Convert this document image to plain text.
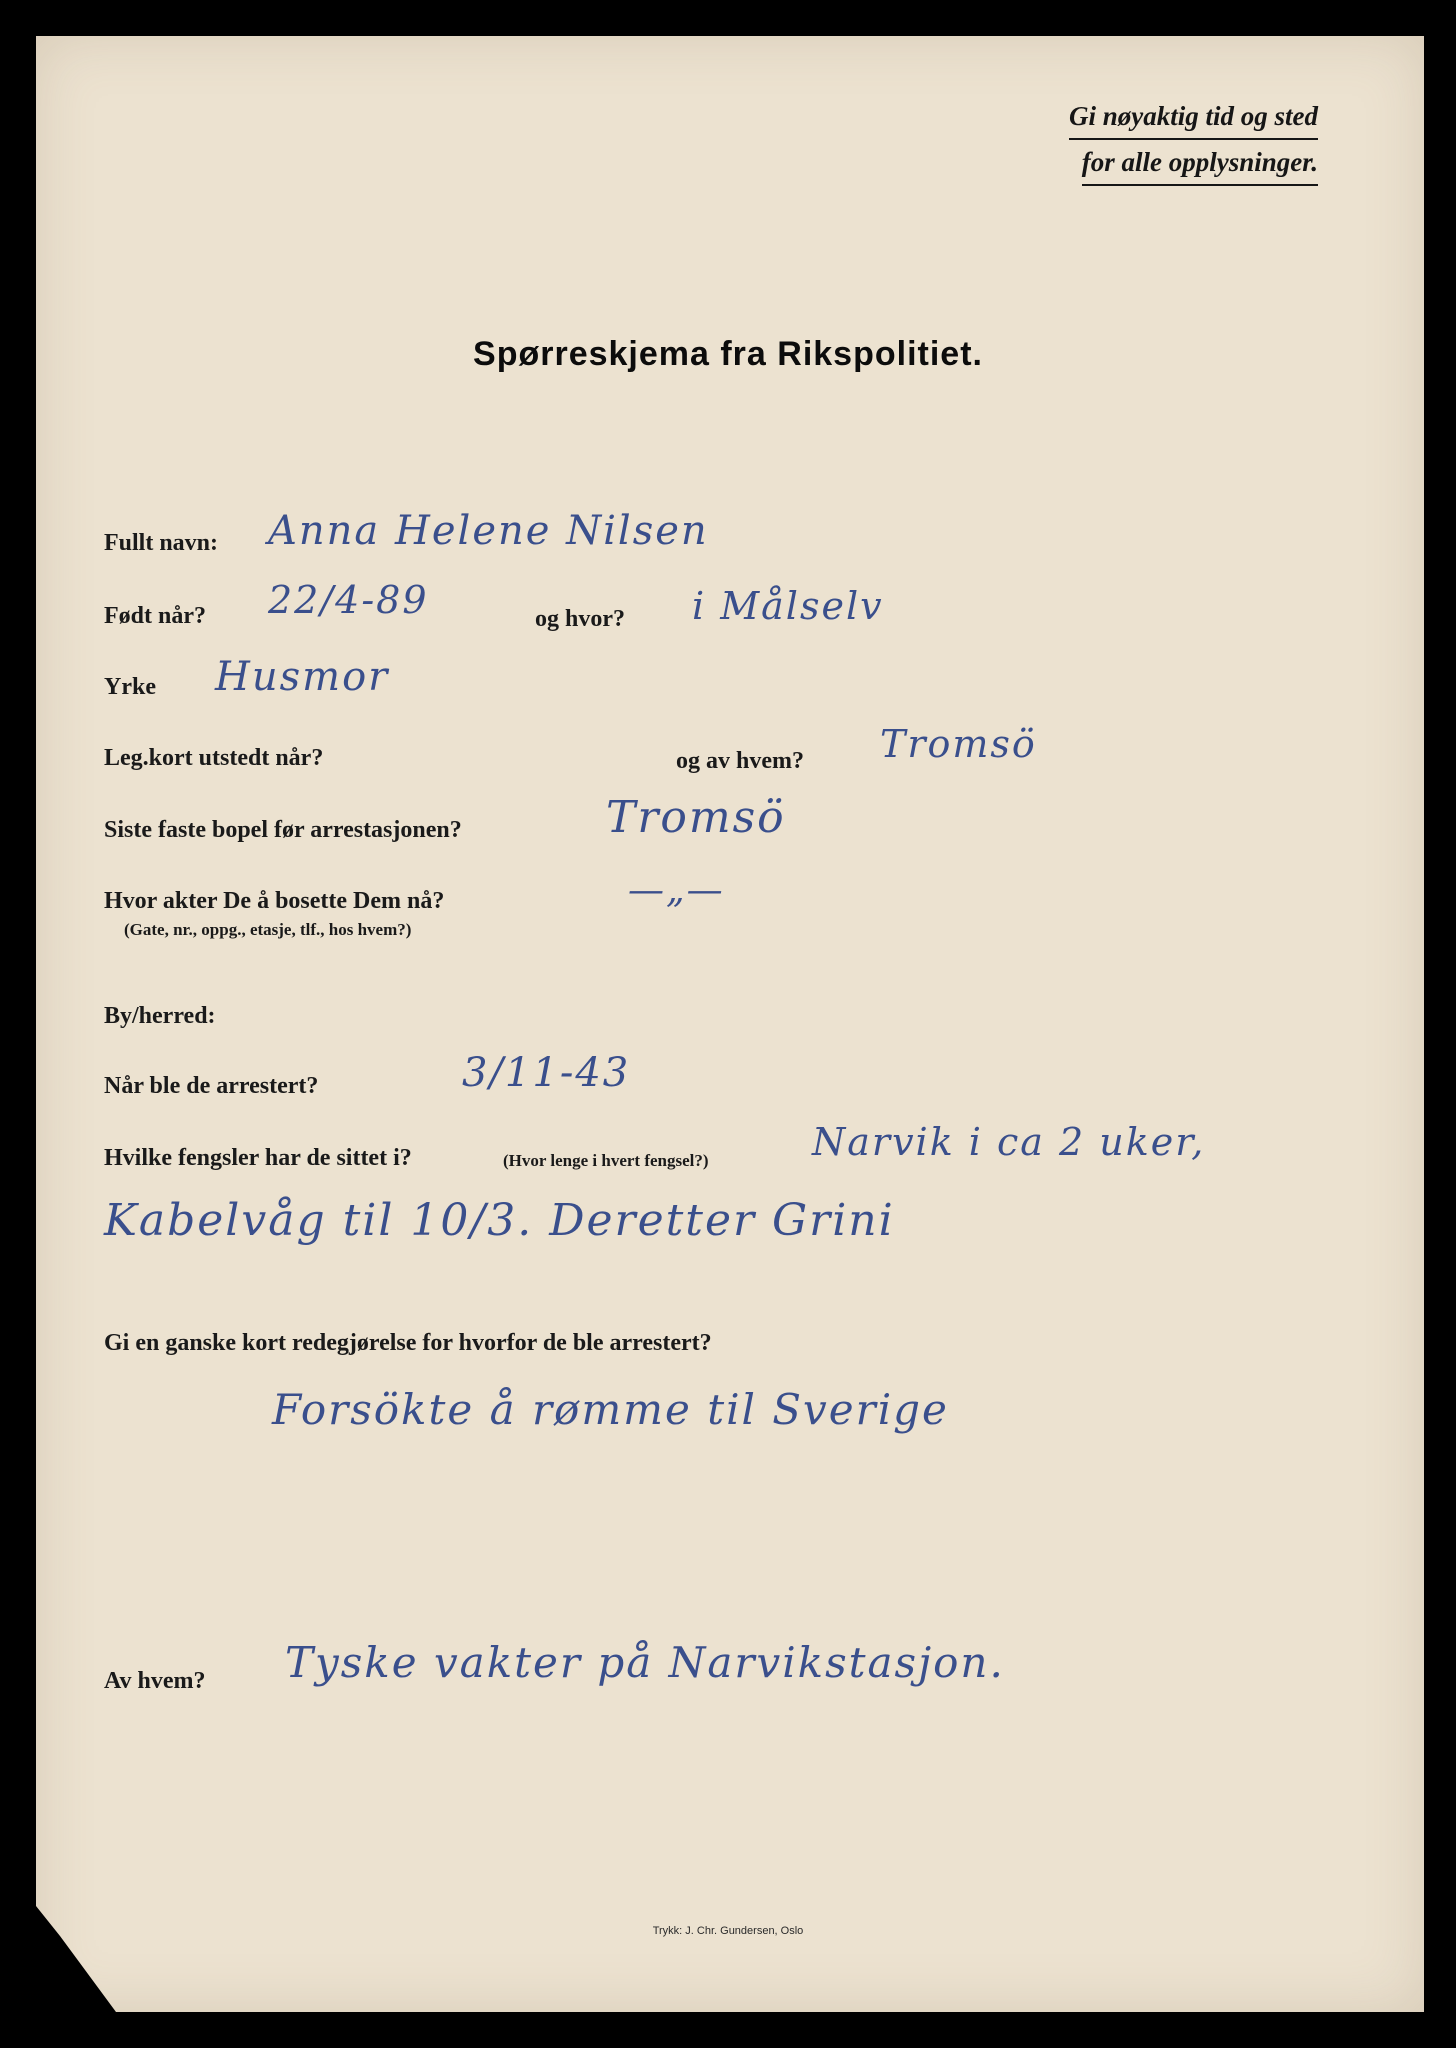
Gi nøyaktig tid og sted
for alle opplysninger.
Spørreskjema fra Rikspolitiet.
Fullt navn: Anna Helene Nilsen
Født når? 22/4-89	og hvor? i Målselv
Yrke Husmor
Leg.kort utstedt når?	og av hvem? Tromsö
Siste faste bopel før arrestasjonen?	Tromsö
Hvor akter De å bosette Dem nå?
(Gate, nr., oppg., etasje, tlf., hos hvem?)
—„—
By/herred:
Når ble de arrestert?	3/11-43
Hvilke fengsler har de sittet i?	(Hvor lenge i hvert fengsel?)	Narvik i ca 2 uker,
Kabelvåg til 10/3. Deretter Grini
Gi en ganske kort redegjørelse for hvorfor de ble arrestert?
Forsökte å rømme til Sverige
Av hvem? Tyske vakter på Narvikstasjon.
Trykk: J. Chr. Gundersen, Oslo
